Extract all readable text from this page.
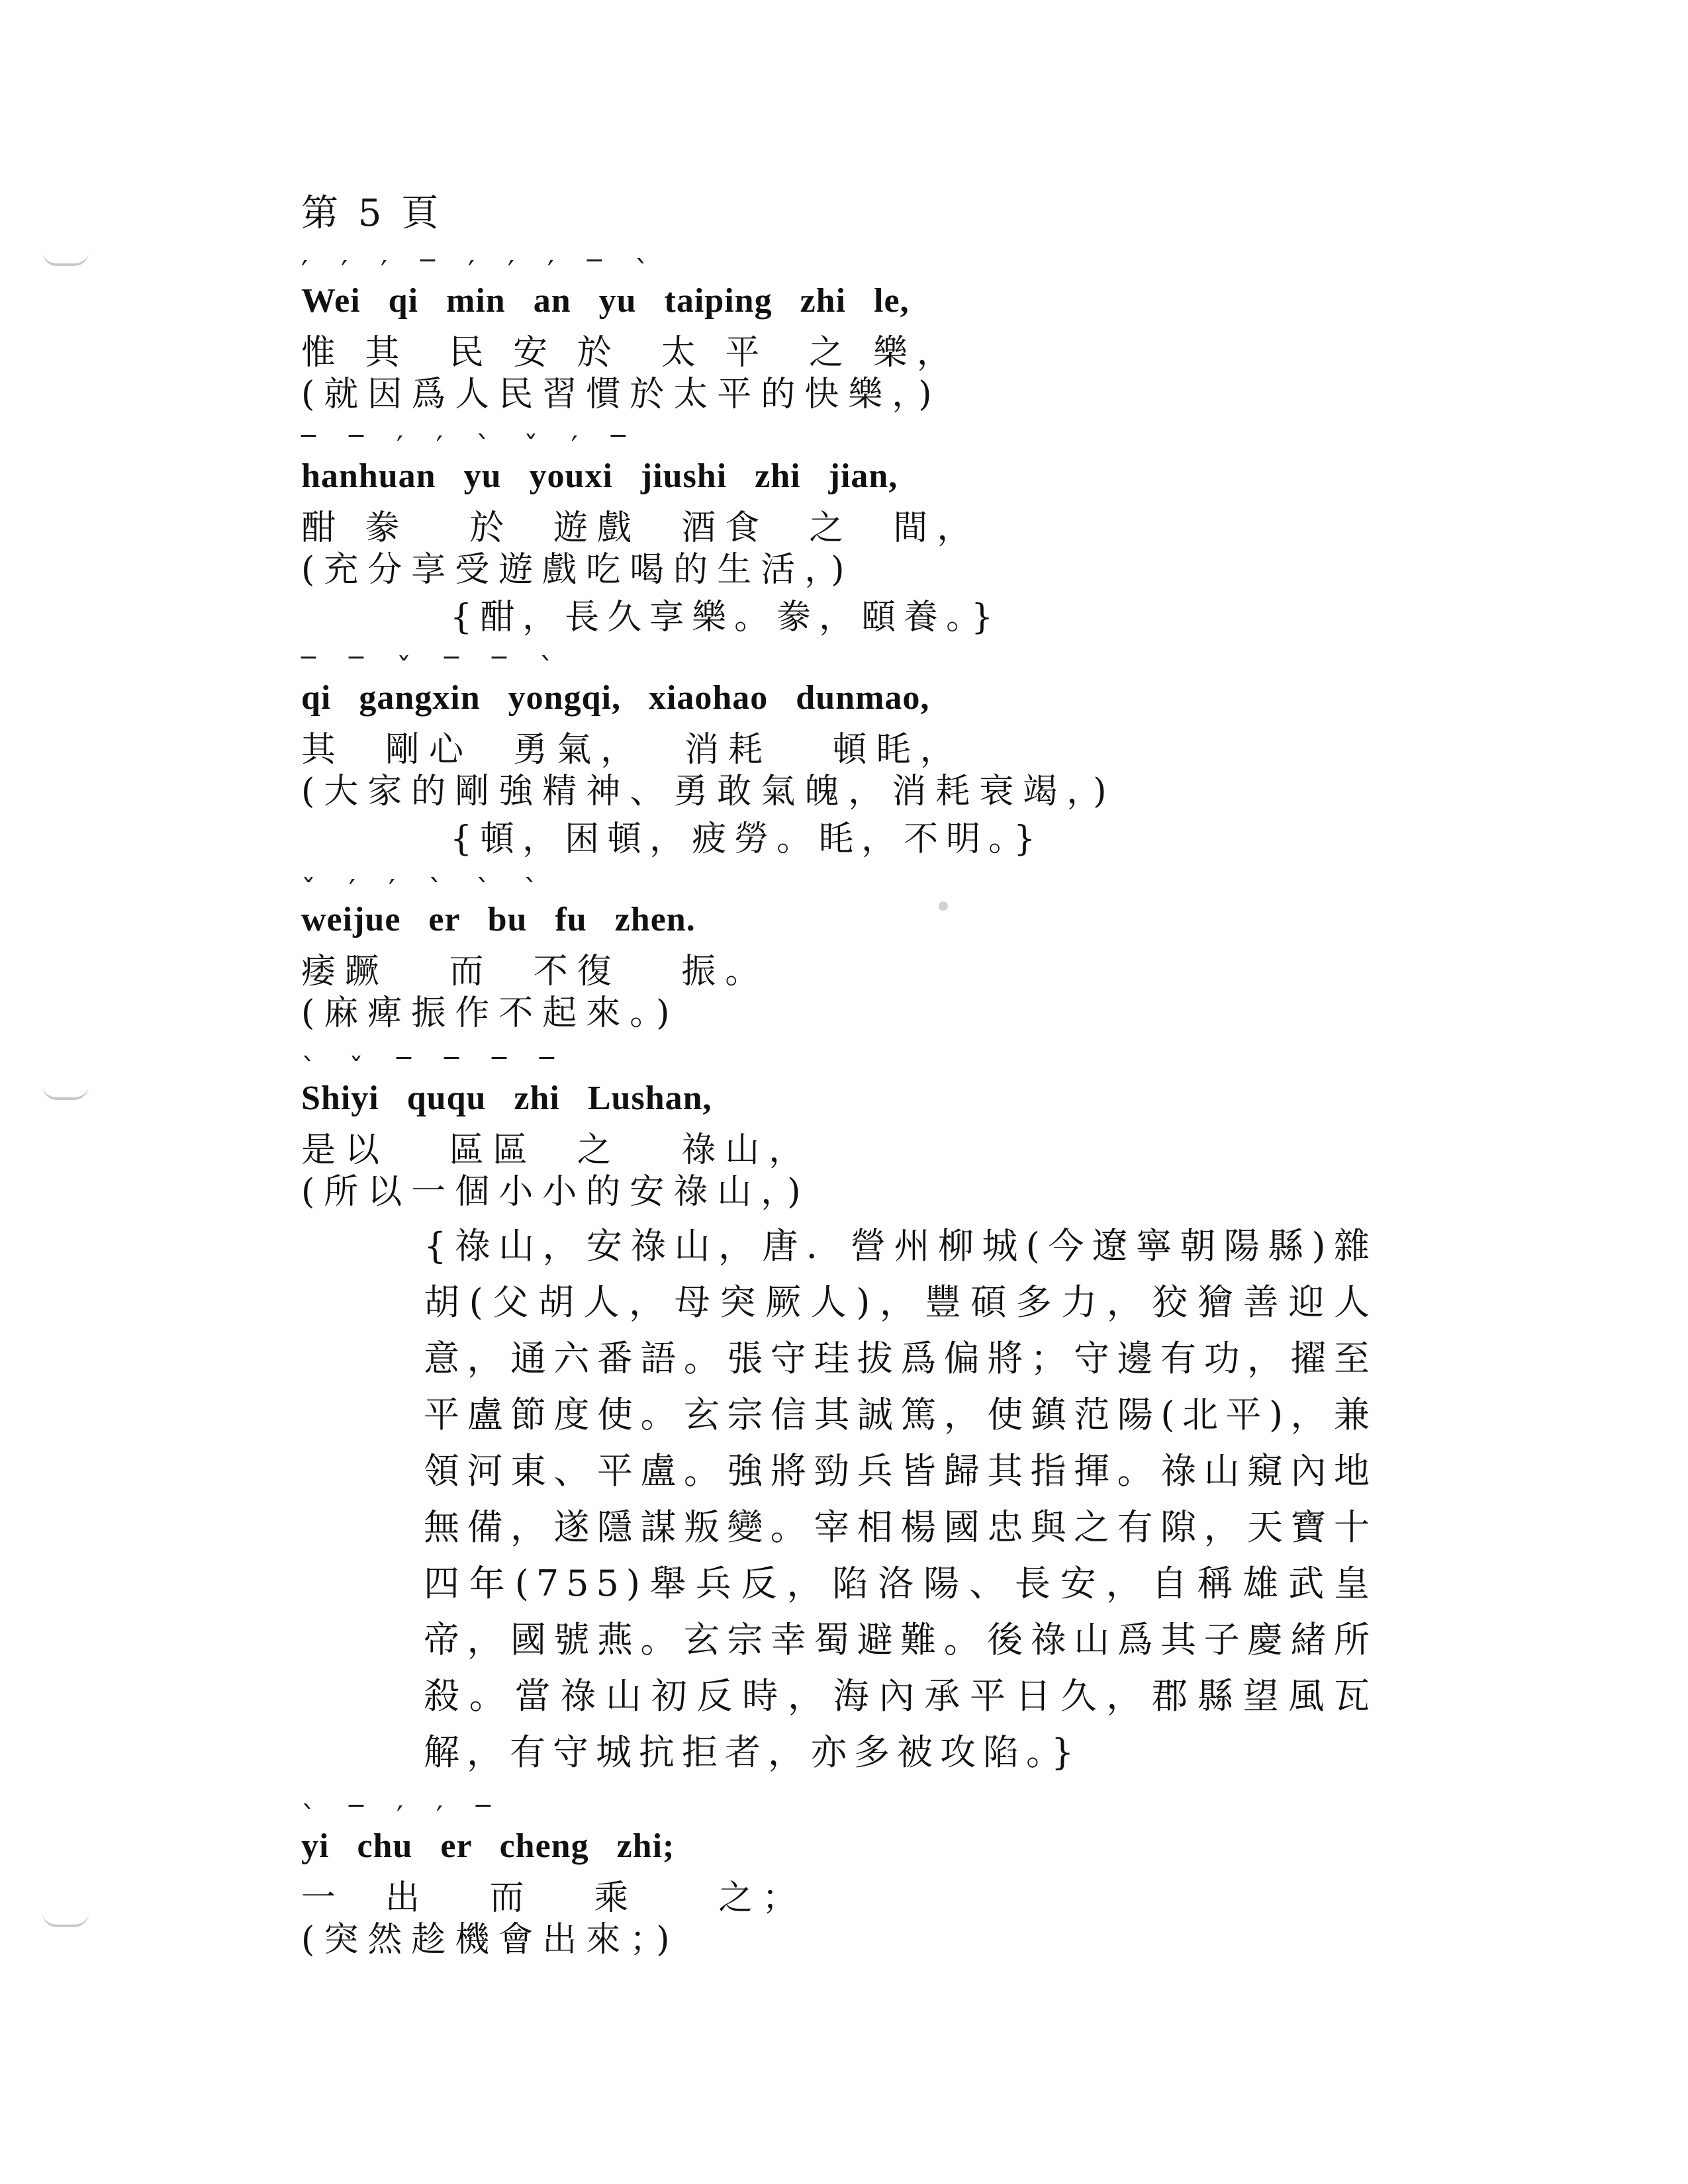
第 5 頁
′ ′ ′ ‾ ′ ′ ′ ‾ ˋ
Wei qi min an yu taiping zhi le,
惟 其  民 安 於  太 平  之 樂，
(就因爲人民習慣於太平的快樂，)
‾ ‾ ′ ′ ˋ ˇ ′ ‾
hanhuan yu youxi jiushi zhi jian,
酣 豢   於  遊戲  酒食  之  間，
(充分享受遊戲吃喝的生活，)
{酣，長久享樂。豢，頤養。}
‾ ‾ ˇ ‾ ‾ ˋ
qi gangxin yongqi, xiaohao dunmao,
其  剛心  勇氣，  消耗   頓眊，
(大家的剛強精神、勇敢氣魄，消耗衰竭，)
{頓，困頓，疲勞。眊，不明。}
ˇ ′ ′ ˋ ˋ ˋ
weijue er bu fu zhen.
痿蹶   而  不復   振。
(麻痺振作不起來。)
ˋ ˇ ‾ ‾ ‾ ‾
Shiyi ququ zhi Lushan,
是以   區區  之   祿山，
(所以一個小小的安祿山，)
{祿山，安祿山，唐．營州柳城(今遼寧朝陽縣)雜胡(父胡人，母突厥人)，豐碩多力，狡獪善迎人意，通六番語。張守珪拔爲偏將；守邊有功，擢至平盧節度使。玄宗信其誠篤，使鎮范陽(北平)，兼領河東、平盧。強將勁兵皆歸其指揮。祿山窺內地無備，遂隱謀叛變。宰相楊國忠與之有隙，天寶十四年(755)舉兵反，陷洛陽、長安，自稱雄武皇帝，國號燕。玄宗幸蜀避難。後祿山爲其子慶緒所殺。當祿山初反時，海內承平日久，郡縣望風瓦解，有守城抗拒者，亦多被攻陷。}
ˋ ‾ ′ ′ ‾
yi chu er cheng zhi;
一  出   而   乘    之；
(突然趁機會出來；)
